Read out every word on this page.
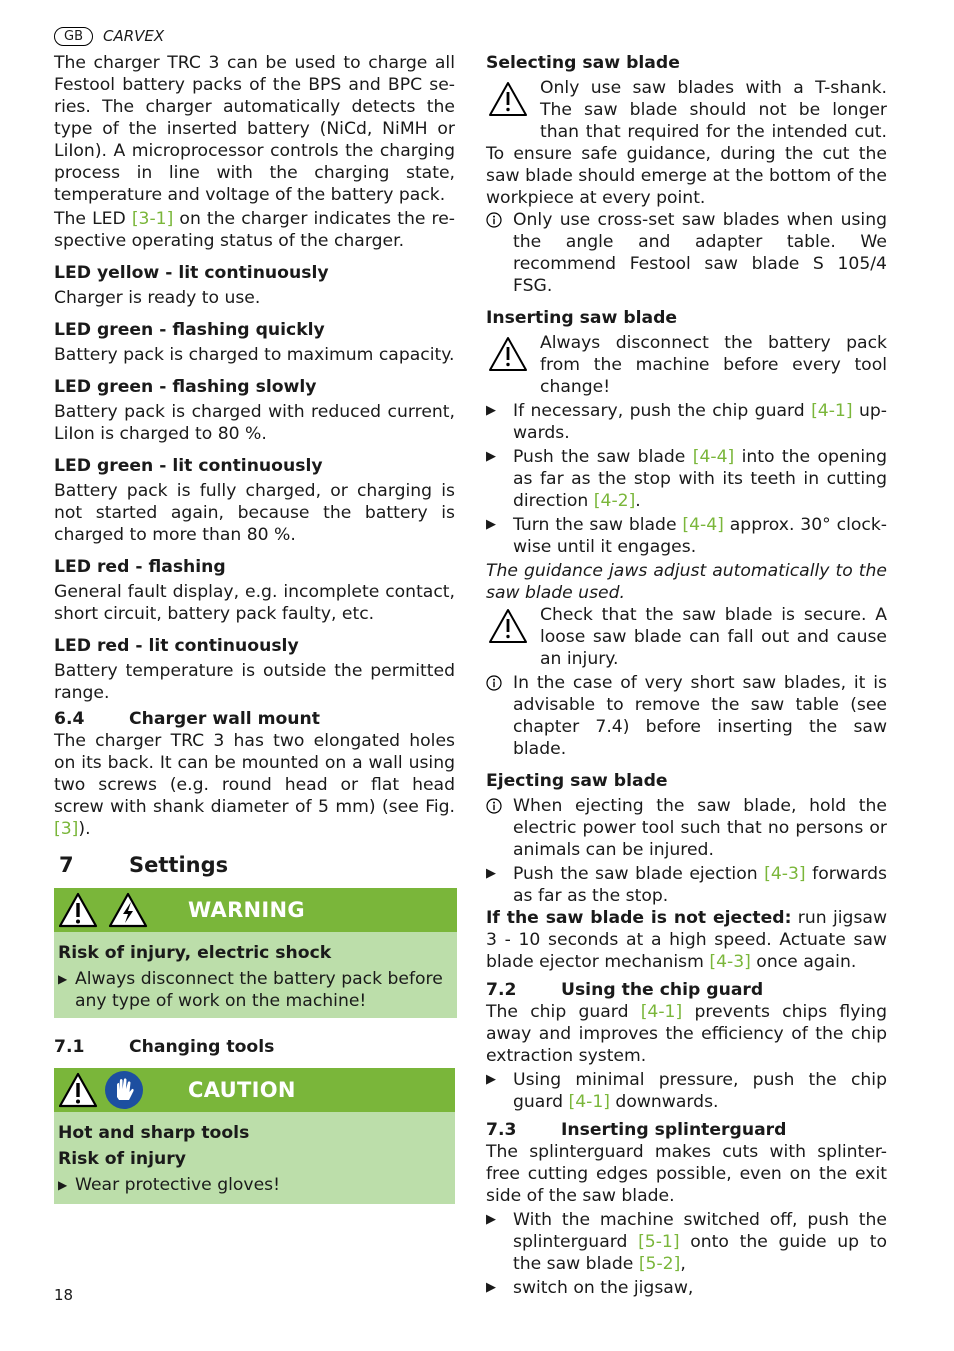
GB	CARVEX

The charger TRC 3 can be used to charge all Festool battery packs of the BPS and BPC series. The charger automatically detects the type of the inserted battery (NiCd, NiMH or LiIon). A microprocessor controls the charging process in line with the charging state, temperature and voltage of the battery pack.

The LED [3-1] on the charger indicates the respective operating status of the charger.

LED yellow - lit continuously

Charger is ready to use.

LED green - flashing quickly

Battery pack is charged to maximum capacity.

LED green - flashing slowly

Battery pack is charged with reduced current, LiIon is charged to 80 %.

LED green - lit continuously

Battery pack is fully charged, or charging is not started again, because the battery is charged to more than 80 %.

LED red - flashing

General fault display, e.g. incomplete contact, short circuit, battery pack faulty, etc.

LED red - lit continuously

Battery temperature is outside the permitted range.

6.4	Charger wall mount

The charger TRC 3 has two elongated holes on its back. It can be mounted on a wall using two screws (e.g. round head or flat head screw with shank diameter of 5 mm) (see Fig. [3]).

7	Settings
WARNING
Risk of injury, electric shock
▶ Always disconnect the battery pack before any type of work on the machine!
7.1	Changing tools
CAUTION
Hot and sharp tools
Risk of injury
▶ Wear protective gloves!
Selecting saw blade

Only use saw blades with a T-shank. The saw blade should not be longer than that required for the intended cut. To ensure safe guidance, during the cut the saw blade should emerge at the bottom of the workpiece at every point.

Only use cross-set saw blades when using the angle and adapter table. We recommend Festool saw blade S 105/4 FSG.
Inserting saw blade

Always disconnect the battery pack from the machine before every tool change!

▶ If necessary, push the chip guard [4-1] upwards.
▶ Push the saw blade [4-4] into the opening as far as the stop with its teeth in cutting direction [4-2].
▶ Turn the saw blade [4-4] approx. 30° clockwise until it engages.

The guidance jaws adjust automatically to the saw blade used.

Check that the saw blade is secure. A loose saw blade can fall out and cause an injury.

In the case of very short saw blades, it is advisable to remove the saw table (see chapter 7.4) before inserting the saw blade.
Ejecting saw blade
When ejecting the saw blade, hold the electric power tool such that no persons or animals can be injured.
▶ Push the saw blade ejection [4-3] forwards as far as the stop.

If the saw blade is not ejected: run jigsaw 3 - 10 seconds at a high speed. Actuate saw blade ejector mechanism [4-3] once again.

7.2	Using the chip guard

The chip guard [4-1] prevents chips flying away and improves the efficiency of the chip extraction system.

▶ Using minimal pressure, push the chip guard [4-1] downwards.
7.3	Inserting splinterguard

The splinterguard makes cuts with splinter-free cutting edges possible, even on the exit side of the saw blade.

▶ With the machine switched off, push the splinterguard [5-1] onto the guide up to the saw blade [5-2],
▶ switch on the jigsaw,
18
